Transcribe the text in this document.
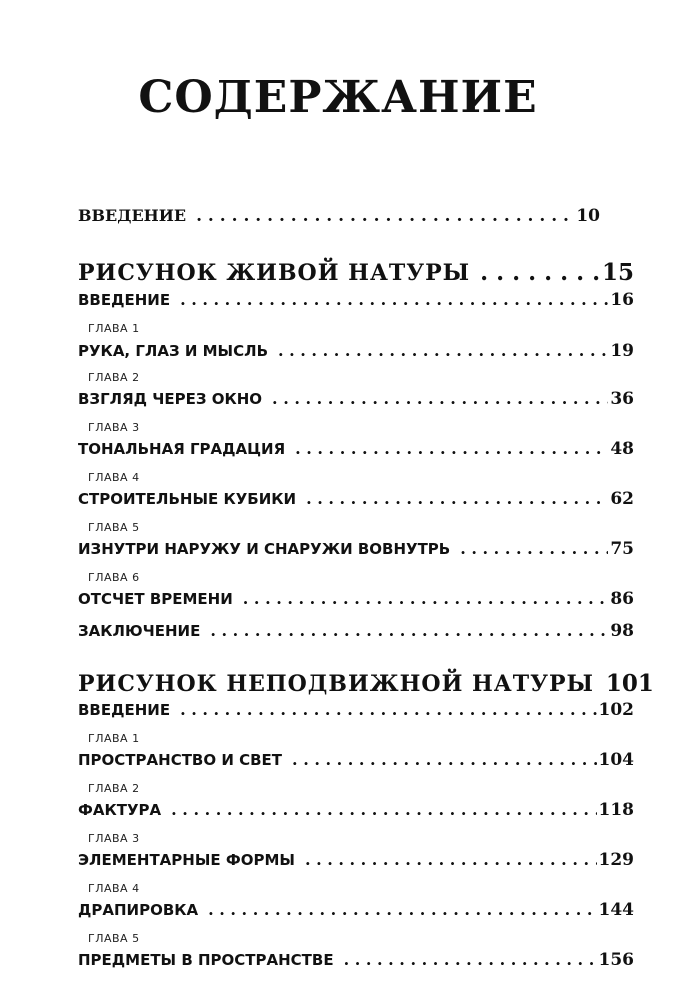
СОДЕРЖАНИЕ
ВВЕДЕНИЕ . . .	10
РИСУНОК ЖИВОЙ НАТУРЫ . . .	15
ВВЕДЕНИЕ . . .	16
ГЛАВА 1
РУКА, ГЛАЗ И МЫСЛЬ . . .	19
ГЛАВА 2
ВЗГЛЯД ЧЕРЕЗ ОКНО . . .	36
ГЛАВА 3
ТОНАЛЬНАЯ ГРАДАЦИЯ . . .	48
ГЛАВА 4
СТРОИТЕЛЬНЫЕ КУБИКИ . . .	62
ГЛАВА 5
ИЗНУТРИ НАРУЖУ И СНАРУЖИ ВОВНУТРЬ . . .	75
ГЛАВА 6
ОТСЧЕТ ВРЕМЕНИ . . .	86
ЗАКЛЮЧЕНИЕ . . .	98
РИСУНОК НЕПОДВИЖНОЙ НАТУРЫ 101
ВВЕДЕНИЕ . . .	102
ГЛАВА 1
ПРОСТРАНСТВО И СВЕТ . . .	104
ГЛАВА 2
ФАКТУРА . . .	118
ГЛАВА 3
ЭЛЕМЕНТАРНЫЕ ФОРМЫ . . .	129
ГЛАВА 4
ДРАПИРОВКА . . .	144
ГЛАВА 5
ПРЕДМЕТЫ В ПРОСТРАНСТВЕ . . .	156
